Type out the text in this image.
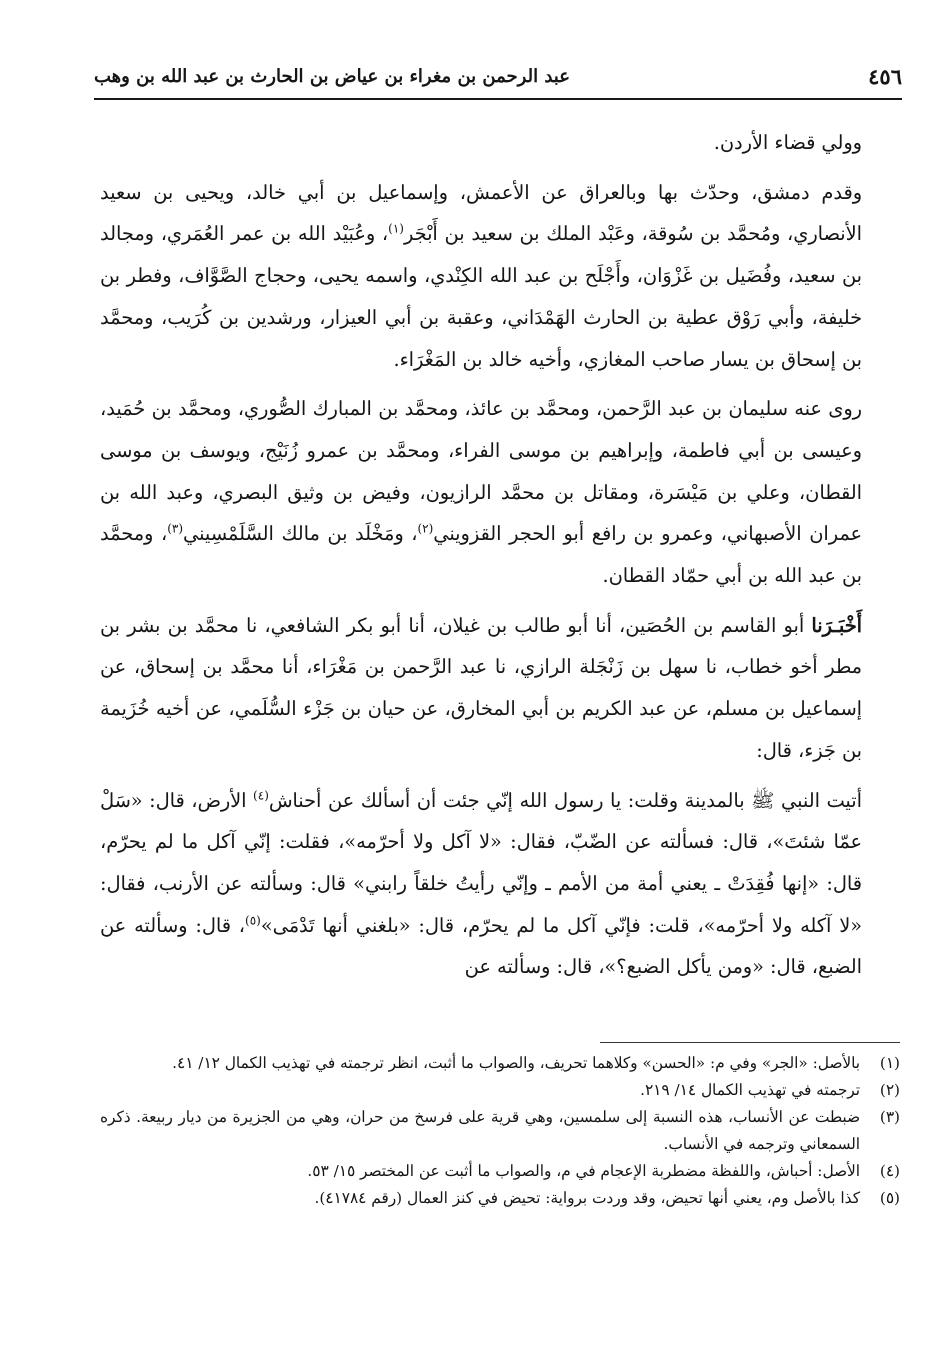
٤٥٦
عبد الرحمن بن مغراء بن عياض بن الحارث بن عبد الله بن وهب

وولي قضاء الأردن.

وقدم دمشق، وحدّث بها وبالعراق عن الأعمش، وإسماعيل بن أبي خالد، ويحيى بن سعيد الأنصاري، ومُحمَّد بن سُوقة، وعَبْد الملك بن سعيد بن أَبْجَر$^{(١)}$، وعُبَيْد الله بن عمر العُمَري، ومجالد بن سعيد، وفُضَيل بن غَزْوَان، وأَجْلَح بن عبد الله الكِنْدي، واسمه يحيى، وحجاج الصَّوَّاف، وفطر بن خليفة، وأبي رَوْق عطية بن الحارث الهَمْدَاني، وعقبة بن أبي العيزار، ورشدين بن كُرَيب، ومحمَّد بن إسحاق بن يسار صاحب المغازي، وأخيه خالد بن المَغْرَاء.

روى عنه سليمان بن عبد الرَّحمن، ومحمَّد بن عائذ، ومحمَّد بن المبارك الصُّوري، ومحمَّد بن حُمَيد، وعيسى بن أبي فاطمة، وإبراهيم بن موسى الفراء، ومحمَّد بن عمرو زُنَيْج، ويوسف بن موسى القطان، وعلي بن مَيْسَرة، ومقاتل بن محمَّد الرازيون، وفيض بن وثيق البصري، وعبد الله بن عمران الأصبهاني، وعمرو بن رافع أبو الحجر القزويني$^{(٢)}$، ومَخْلَد بن مالك السَّلَمْسِيني$^{(٣)}$، ومحمَّد بن عبد الله بن أبي حمّاد القطان.

أَخْبَـرَنا أبو القاسم بن الحُصَين، أنا أبو طالب بن غيلان، أنا أبو بكر الشافعي، نا محمَّد بن بشر بن مطر أخو خطاب، نا سهل بن زَنْجَلة الرازي، نا عبد الرَّحمن بن مَغْرَاء، أنا محمَّد بن إسحاق، عن إسماعيل بن مسلم، عن عبد الكريم بن أبي المخارق، عن حيان بن جَزْء السُّلَمي، عن أخيه خُزَيمة بن جَزء، قال:

أتيت النبي ﷺ بالمدينة وقلت: يا رسول الله إنّي جئت أن أسألك عن أحناش$^{(٤)}$ الأرض، قال: «سَلْ عمّا شئتَ»، قال: فسألته عن الضّبّ، فقال: «لا آكل ولا أحرّمه»، فقلت: إنّي آكل ما لم يحرّم، قال: «إنها فُقِدَتْ ـ يعني أمة من الأمم ـ وإنّي رأيتُ خلقاً رابني» قال: وسألته عن الأرنب، فقال: «لا آكله ولا أحرّمه»، قلت: فإنّي آكل ما لم يحرّم، قال: «بلغني أنها تَدْمَى»$^{(٥)}$، قال: وسألته عن الضبع، قال: «ومن يأكل الضبع؟»، قال: وسألته عن

(١)
بالأصل: «الجر» وفي م: «الحسن» وكلاهما تحريف، والصواب ما أثبت، انظر ترجمته في تهذيب الكمال ١٢/ ٤١.
(٢)
ترجمته في تهذيب الكمال ١٤/ ٢١٩.
(٣)
ضبطت عن الأنساب، هذه النسبة إلى سلمسين، وهي قرية على فرسخ من حران، وهي من الجزيرة من ديار ربيعة. ذكره السمعاني وترجمه في الأنساب.
(٤)
الأصل: أحباش، واللفظة مضطربة الإعجام في م، والصواب ما أثبت عن المختصر ١٥/ ٥٣.
(٥)
كذا بالأصل وم، يعني أنها تحيض، وقد وردت برواية: تحيض في كنز العمال (رقم ٤١٧٨٤).
